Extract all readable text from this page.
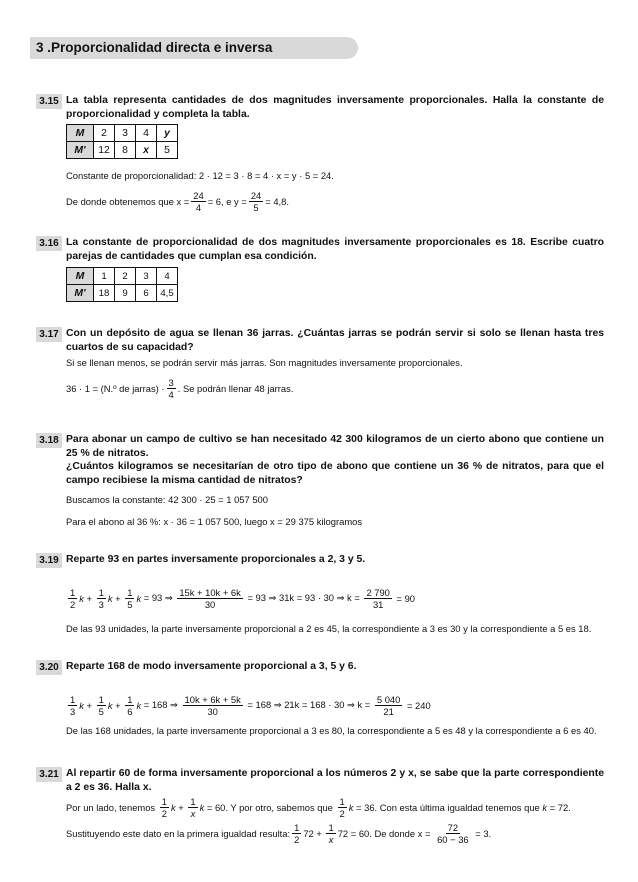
3 .Proporcionalidad directa e inversa
3.15 La tabla representa cantidades de dos magnitudes inversamente proporcionales. Halla la constante de proporcionalidad y completa la tabla.
M	2	3	4	y
M'	12	8	x	5
Constante de proporcionalidad: 2 · 12 = 3 · 8 = 4 · x = y · 5 = 24.
De donde obtenemos que $x = \frac{24}{4} = 6$, e $y = \frac{24}{5} = 4,8$.
3.16 La constante de proporcionalidad de dos magnitudes inversamente proporcionales es 18. Escribe cuatro parejas de cantidades que cumplan esa condición.
M	1	2	3	4
M'	18	9	6	4,5
3.17 Con un depósito de agua se llenan 36 jarras. ¿Cuántas jarras se podrán servir si solo se llenan hasta tres cuartos de su capacidad?
Si se llenan menos, se podrán servir más jarras. Son magnitudes inversamente proporcionales.
36 · 1 = (N.º de jarras) · $\frac{3}{4}$ . Se podrán llenar 48 jarras.
3.18 Para abonar un campo de cultivo se han necesitado 42 300 kilogramos de un cierto abono que contiene un 25 % de nitratos.
¿Cuántos kilogramos se necesitarían de otro tipo de abono que contiene un 36 % de nitratos, para que el campo recibiese la misma cantidad de nitratos?
Buscamos la constante: 42 300 · 25 = 1 057 500
Para el abono al 36 %: x · 36 = 1 057 500, luego x = 29 375 kilogramos
3.19 Reparte 93 en partes inversamente proporcionales a 2, 3 y 5.
$\frac{1}{2}$ k
+
$\frac{1}{3}$ k
+
$\frac{1}{5}$ k
= 93 ⇒
$\frac{15k + 10k + 6k}{30}$
= 93 ⇒ 31k = 93 · 30 ⇒ k =
$\frac{2 790}{31}$
= 90
De las 93 unidades, la parte inversamente proporcional a 2 es 45, la correspondiente a 3 es 30 y la correspondiente a 5 es 18.
3.20 Reparte 168 de modo inversamente proporcional a 3, 5 y 6.
$\frac{1}{3}$ k
+
$\frac{1}{5}$ k
+
$\frac{1}{6}$ k
= 168 ⇒
$\frac{10k + 6k + 5k}{30}$
= 168 ⇒ 21k = 168 · 30 ⇒ k =
$\frac{5 040}{21}$
= 240
De las 168 unidades, la parte inversamente proporcional a 3 es 80, la correspondiente a 5 es 48 y la correspondiente a 6 es 40.
3.21 Al repartir 60 de forma inversamente proporcional a los números 2 y x, se sabe que la parte correspondiente a 2 es 36. Halla x.
Por un lado, tenemos
$\frac{1}{2}$ k
+
$\frac{1}{x}$ k
= 60. Y por otro, sabemos que
$\frac{1}{2}$ k
= 36. Con esta última igualdad tenemos que
k
= 72.
Sustituyendo este dato en la primera igualdad resulta: $\frac{1}{2} 72$
+
$\frac{1}{x} 72$
= 60. De donde x =
$\frac{72}{60 - 36}$
= 3.
